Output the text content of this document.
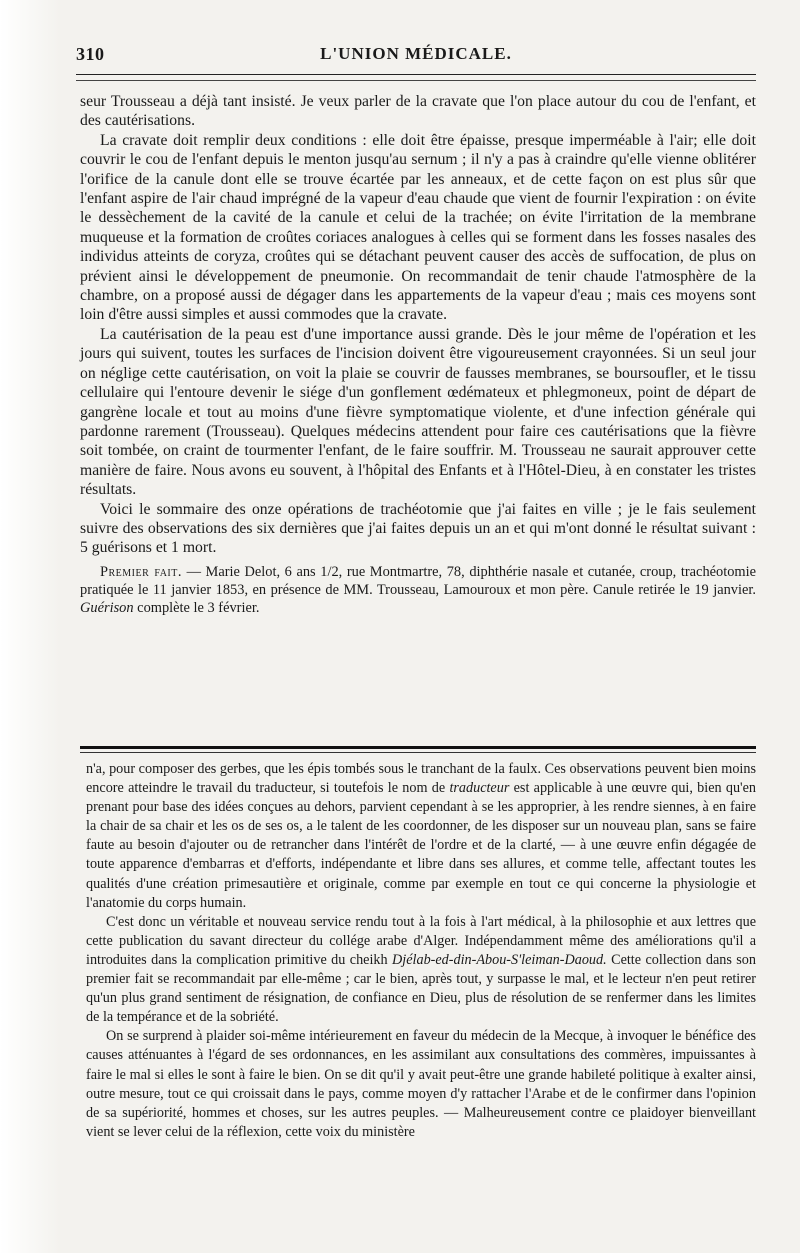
310	L'UNION MÉDICALE.

seur Trousseau a déjà tant insisté. Je veux parler de la cravate que l'on place autour du cou de l'enfant, et des cautérisations.

La cravate doit remplir deux conditions : elle doit être épaisse, presque imperméable à l'air; elle doit couvrir le cou de l'enfant depuis le menton jusqu'au sernum ; il n'y a pas à craindre qu'elle vienne oblitérer l'orifice de la canule dont elle se trouve écartée par les anneaux, et de cette façon on est plus sûr que l'enfant aspire de l'air chaud imprégné de la vapeur d'eau chaude que vient de fournir l'expiration : on évite le dessèchement de la cavité de la canule et celui de la trachée; on évite l'irritation de la membrane muqueuse et la formation de croûtes coriaces analogues à celles qui se forment dans les fosses nasales des individus atteints de coryza, croûtes qui se détachant peuvent causer des accès de suffocation, de plus on prévient ainsi le développement de pneumonie. On recommandait de tenir chaude l'atmosphère de la chambre, on a proposé aussi de dégager dans les appartements de la vapeur d'eau ; mais ces moyens sont loin d'être aussi simples et aussi commodes que la cravate.

La cautérisation de la peau est d'une importance aussi grande. Dès le jour même de l'opération et les jours qui suivent, toutes les surfaces de l'incision doivent être vigoureusement crayonnées. Si un seul jour on néglige cette cautérisation, on voit la plaie se couvrir de fausses membranes, se boursoufler, et le tissu cellulaire qui l'entoure devenir le siége d'un gonflement œdémateux et phlegmoneux, point de départ de gangrène locale et tout au moins d'une fièvre symptomatique violente, et d'une infection générale qui pardonne rarement (Trousseau). Quelques médecins attendent pour faire ces cautérisations que la fièvre soit tombée, on craint de tourmenter l'enfant, de le faire souffrir. M. Trousseau ne saurait approuver cette manière de faire. Nous avons eu souvent, à l'hôpital des Enfants et à l'Hôtel-Dieu, à en constater les tristes résultats.

Voici le sommaire des onze opérations de trachéotomie que j'ai faites en ville ; je le fais seulement suivre des observations des six dernières que j'ai faites depuis un an et qui m'ont donné le résultat suivant : 5 guérisons et 1 mort.

Premier fait. — Marie Delot, 6 ans 1/2, rue Montmartre, 78, diphthérie nasale et cutanée, croup, trachéotomie pratiquée le 11 janvier 1853, en présence de MM. Trousseau, Lamouroux et mon père. Canule retirée le 19 janvier. Guérison complète le 3 février.

n'a, pour composer des gerbes, que les épis tombés sous le tranchant de la faulx. Ces observations peuvent bien moins encore atteindre le travail du traducteur, si toutefois le nom de traducteur est applicable à une œuvre qui, bien qu'en prenant pour base des idées conçues au dehors, parvient cependant à se les approprier, à les rendre siennes, à en faire la chair de sa chair et les os de ses os, a le talent de les coordonner, de les disposer sur un nouveau plan, sans se faire faute au besoin d'ajouter ou de retrancher dans l'intérêt de l'ordre et de la clarté, — à une œuvre enfin dégagée de toute apparence d'embarras et d'efforts, indépendante et libre dans ses allures, et comme telle, affectant toutes les qualités d'une création primesautière et originale, comme par exemple en tout ce qui concerne la physiologie et l'anatomie du corps humain.

C'est donc un véritable et nouveau service rendu tout à la fois à l'art médical, à la philosophie et aux lettres que cette publication du savant directeur du collége arabe d'Alger. Indépendamment même des améliorations qu'il a introduites dans la complication primitive du cheikh Djélab-ed-din-Abou-S'leiman-Daoud. Cette collection dans son premier fait se recommandait par elle-même ; car le bien, après tout, y surpasse le mal, et le lecteur n'en peut retirer qu'un plus grand sentiment de résignation, de confiance en Dieu, plus de résolution de se renfermer dans les limites de la tempérance et de la sobriété.

On se surprend à plaider soi-même intérieurement en faveur du médecin de la Mecque, à invoquer le bénéfice des causes atténuantes à l'égard de ses ordonnances, en les assimilant aux consultations des commères, impuissantes à faire le mal si elles le sont à faire le bien. On se dit qu'il y avait peut-être une grande habileté politique à exalter ainsi, outre mesure, tout ce qui croissait dans le pays, comme moyen d'y rattacher l'Arabe et de le confirmer dans l'opinion de sa supériorité, hommes et choses, sur les autres peuples. — Malheureusement contre ce plaidoyer bienveillant vient se lever celui de la réflexion, cette voix du ministère
